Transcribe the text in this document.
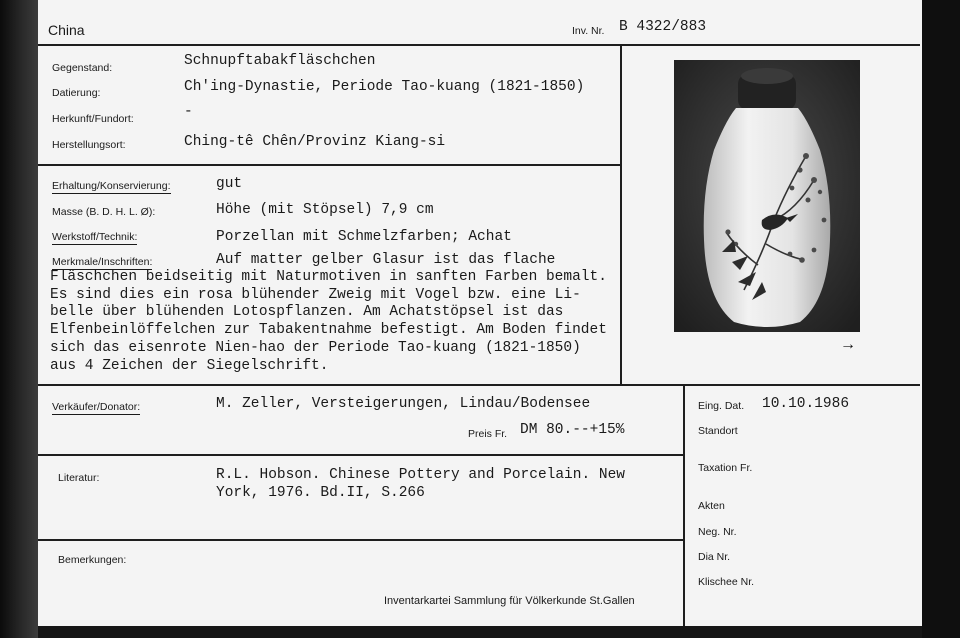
China	Inv. Nr. B 4322/883
Gegenstand:	Schnupftabakfläschchen
Datierung:	Ch'ing-Dynastie, Periode Tao-kuang (1821-1850)
Herkunft/Fundort:	-
Herstellungsort:	Ching-tê Chên/Provinz Kiang-si
Erhaltung/Konservierung:	gut
Masse (B. D. H. L. Ø):	Höhe (mit Stöpsel) 7,9 cm
Werkstoff/Technik:	Porzellan mit Schmelzfarben; Achat
Merkmale/Inschriften:	Auf matter gelber Glasur ist das flache
Fläschchen beidseitig mit Naturmotiven in sanften Farben bemalt.
Es sind dies ein rosa blühender Zweig mit Vogel bzw. eine Li-
belle über blühenden Lotospflanzen. Am Achatstöpsel ist das
Elfenbeinlöffelchen zur Tabakentnahme befestigt. Am Boden findet
sich das eisenrote Nien-hao der Periode Tao-kuang (1821-1850)
aus 4 Zeichen der Siegelschrift.
→
Verkäufer/Donator:	M. Zeller, Versteigerungen, Lindau/Bodensee
Preis Fr. DM 80.--+15%
Literatur:	R.L. Hobson. Chinese Pottery and Porcelain. New
York, 1976. Bd.II, S.266
Bemerkungen:
Inventarkartei Sammlung für Völkerkunde St.Gallen
Eing. Dat. 10.10.1986
Standort
Taxation Fr.
Akten
Neg. Nr.
Dia Nr.
Klischee Nr.
